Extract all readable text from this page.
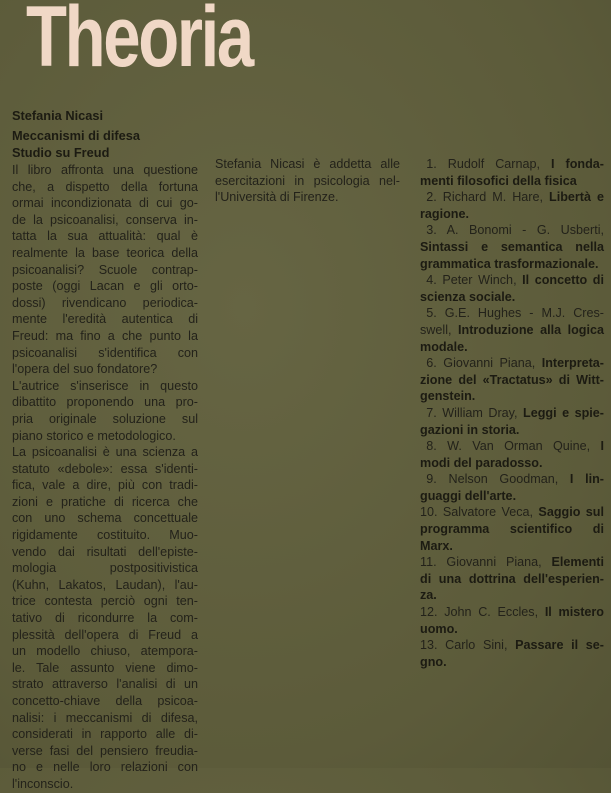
Theoria
Stefania Nicasi
Meccanismi di difesa
Studio su Freud
Il libro affronta una questione
che, a dispetto della fortuna
ormai incondizionata di cui go-
de la psicoanalisi, conserva in-
tatta la sua attualità: qual è
realmente la base teorica della
psicoanalisi? Scuole contrap-
poste (oggi Lacan e gli orto-
dossi) rivendicano periodica-
mente l'eredità autentica di
Freud: ma fino a che punto la
psicoanalisi s'identifica con
l'opera del suo fondatore?
L'autrice s'inserisce in questo
dibattito proponendo una pro-
pria originale soluzione sul
piano storico e metodologico.
La psicoanalisi è una scienza a
statuto «debole»: essa s'identi-
fica, vale a dire, più con tradi-
zioni e pratiche di ricerca che
con uno schema concettuale
rigidamente costituito. Muo-
vendo dai risultati dell'episte-
mologia postpositivistica
(Kuhn, Lakatos, Laudan), l'au-
trice contesta perciò ogni ten-
tativo di ricondurre la com-
plessità dell'opera di Freud a
un modello chiuso, atempora-
le. Tale assunto viene dimo-
strato attraverso l'analisi di un
concetto-chiave della psicoa-
nalisi: i meccanismi di difesa,
considerati in rapporto alle di-
verse fasi del pensiero freudia-
no e nelle loro relazioni con
l'inconscio.
Stefania Nicasi è addetta alle
esercitazioni in psicologia nel-
l'Università di Firenze.
 1. Rudolf Carnap, I fonda-
menti filosofici della fisica
 2. Richard M. Hare, Libertà e
ragione.
 3. A. Bonomi - G. Usberti,
Sintassi e semantica nella
grammatica trasformazionale.
 4. Peter Winch, Il concetto di
scienza sociale.
 5. G.E. Hughes - M.J. Cres-
swell, Introduzione alla logica
modale.
 6. Giovanni Piana, Interpreta-
zione del «Tractatus» di Witt-
genstein.
 7. William Dray, Leggi e spie-
gazioni in storia.
 8. W. Van Orman Quine, I
modi del paradosso.
 9. Nelson Goodman, I lin-
guaggi dell'arte.
10. Salvatore Veca, Saggio sul
programma scientifico di
Marx.
11. Giovanni Piana, Elementi
di una dottrina dell'esperien-
za.
12. John C. Eccles, Il mistero
uomo.
13. Carlo Sini, Passare il se-
gno.
